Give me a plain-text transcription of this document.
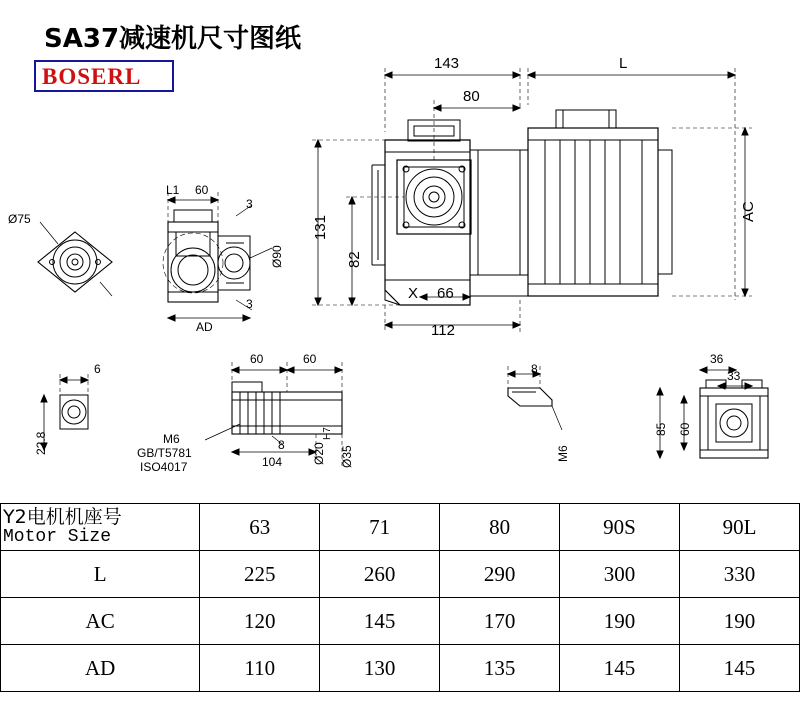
SA37减速机尺寸图纸
BOSERL
143	L
80
131
82
AC
X 66
112
L1 60
3
3
Ø90
AD
Ø75
6
22.8
60	60
M6
GB/T5781
ISO4017
8
104 Ø20
H7
Ø35
8
M6
36
33
85 60
Y2电机机座号
Motor Size	63	71	80	90S	90L
L	225	260	290	300	330
AC	120	145	170	190	190
AD	110	130	135	145	145
